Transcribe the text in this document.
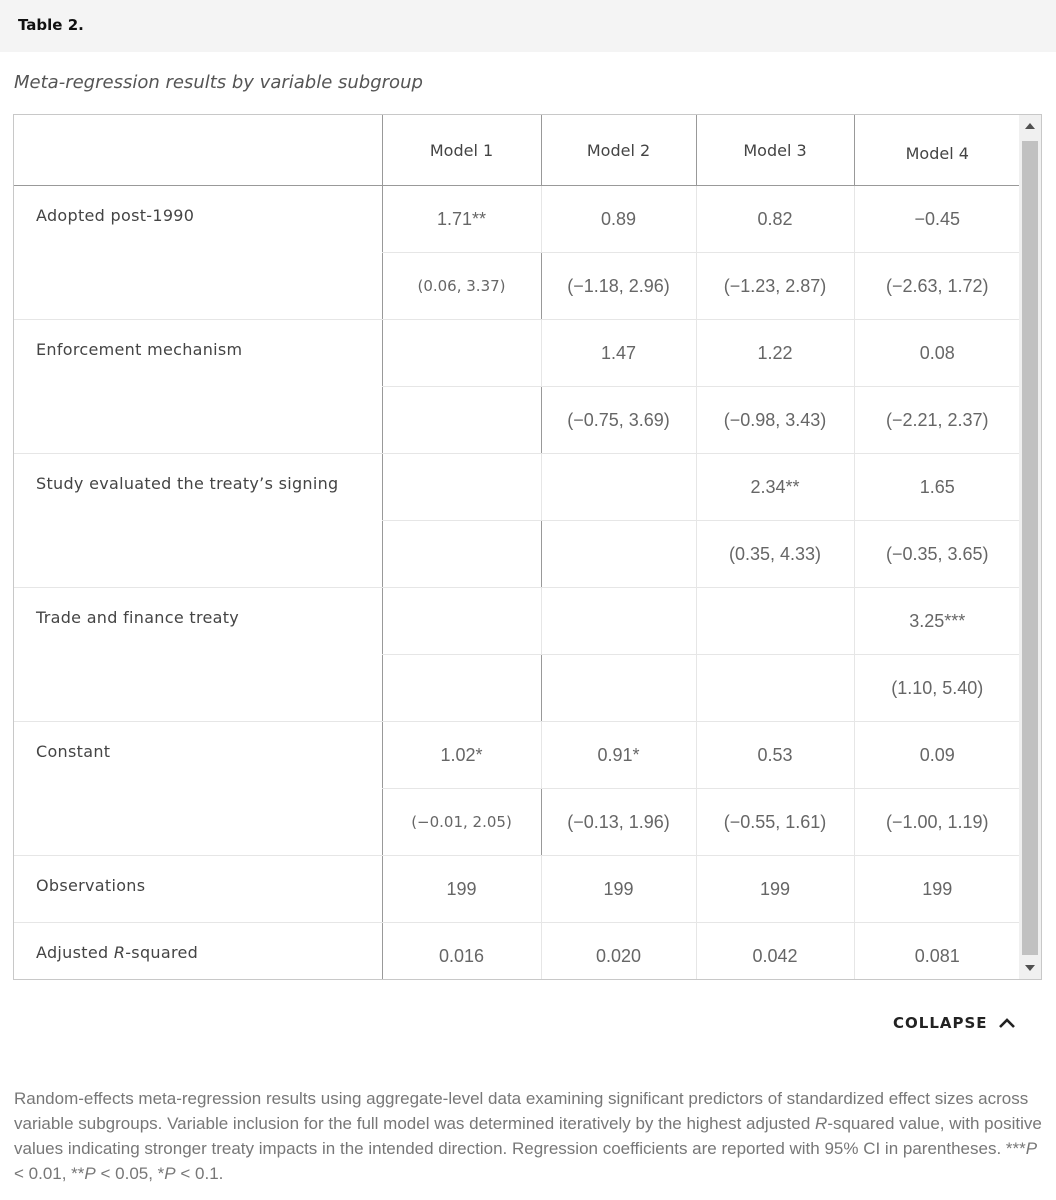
Table 2.
Meta-regression results by variable subgroup
	Model 1	Model 2	Model 3	Model 4
Adopted post-1990	1.71**	0.89	0.82	−0.45
	(0.06, 3.37)	(−1.18, 2.96)	(−1.23, 2.87)	(−2.63, 1.72)
Enforcement mechanism		1.47	1.22	0.08
		(−0.75, 3.69)	(−0.98, 3.43)	(−2.21, 2.37)
Study evaluated the treaty’s signing			2.34**	1.65
			(0.35, 4.33)	(−0.35, 3.65)
Trade and finance treaty				3.25***
				(1.10, 5.40)
Constant	1.02*	0.91*	0.53	0.09
	(−0.01, 2.05)	(−0.13, 1.96)	(−0.55, 1.61)	(−1.00, 1.19)
Observations	199	199	199	199
Adjusted R-squared	0.016	0.020	0.042	0.081
COLLAPSE
Random-effects meta-regression results using aggregate-level data examining significant predictors of standardized effect sizes across variable subgroups. Variable inclusion for the full model was determined iteratively by the highest adjusted R-squared value, with positive values indicating stronger treaty impacts in the intended direction. Regression coefficients are reported with 95% CI in parentheses. ***P < 0.01, **P < 0.05, *P < 0.1.
